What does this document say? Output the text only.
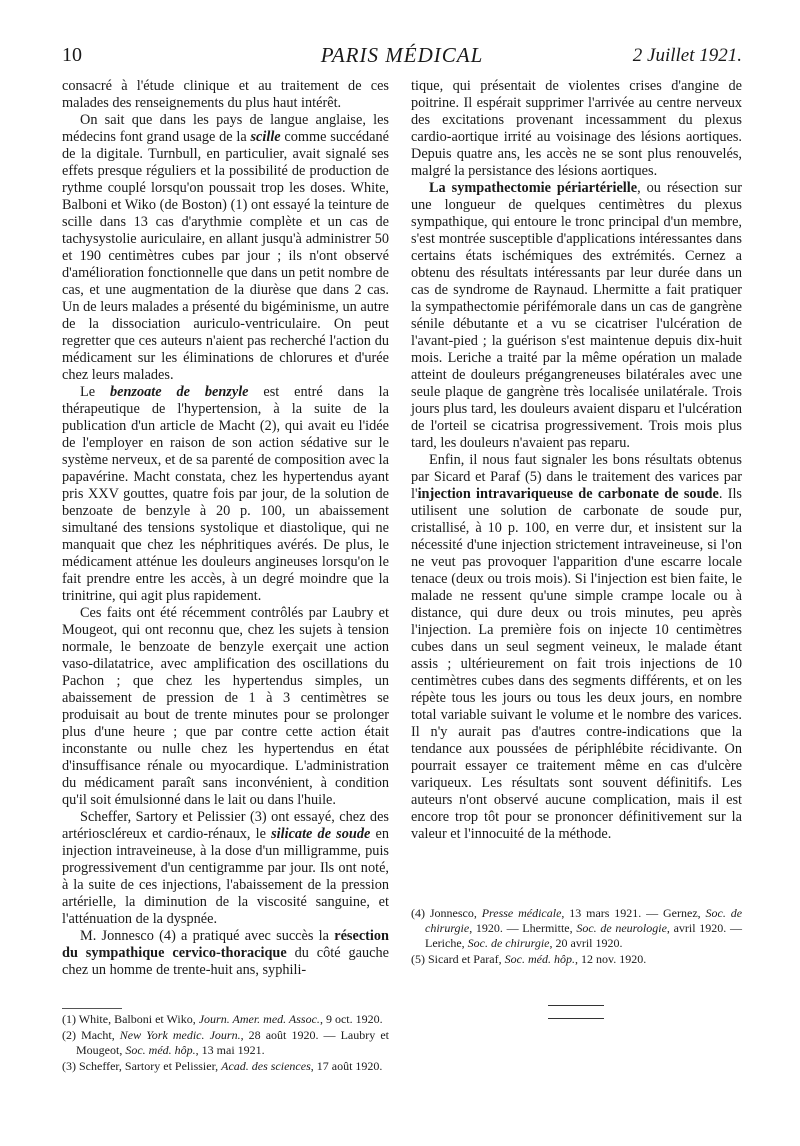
10	PARIS MÉDICAL	2 Juillet 1921.

consacré à l'étude clinique et au traitement de ces malades des renseignements du plus haut intérêt.

On sait que dans les pays de langue anglaise, les médecins font grand usage de la scille comme succédané de la digitale. Turnbull, en particulier, avait signalé ses effets presque réguliers et la possibilité de production de rythme couplé lorsqu'on poussait trop les doses. White, Balboni et Wiko (de Boston) (1) ont essayé la teinture de scille dans 13 cas d'arythmie complète et un cas de tachysystolie auriculaire, en allant jusqu'à administrer 50 et 190 centimètres cubes par jour ; ils n'ont observé d'amélioration fonctionnelle que dans un petit nombre de cas, et une augmentation de la diurèse que dans 2 cas. Un de leurs malades a présenté du bigéminisme, un autre de la dissociation auriculo-ventriculaire. On peut regretter que ces auteurs n'aient pas recherché l'action du médicament sur les éliminations de chlorures et d'urée chez leurs malades.

Le benzoate de benzyle est entré dans la thérapeutique de l'hypertension, à la suite de la publication d'un article de Macht (2), qui avait eu l'idée de l'employer en raison de son action sédative sur le système nerveux, et de sa parenté de composition avec la papavérine. Macht constata, chez les hypertendus ayant pris XXV gouttes, quatre fois par jour, de la solution de benzoate de benzyle à 20 p. 100, un abaissement simultané des tensions systolique et diastolique, qui ne manquait que chez les néphritiques avérés. De plus, le médicament atténue les douleurs angineuses lorsqu'on le fait prendre entre les accès, à un degré moindre que la trinitrine, qui agit plus rapidement.

Ces faits ont été récemment contrôlés par Laubry et Mougeot, qui ont reconnu que, chez les sujets à tension normale, le benzoate de benzyle exerçait une action vaso-dilatatrice, avec amplification des oscillations du Pachon ; que chez les hypertendus simples, un abaissement de pression de 1 à 3 centimètres se produisait au bout de trente minutes pour se prolonger plus d'une heure ; que par contre cette action était inconstante ou nulle chez les hypertendus en état d'insuffisance rénale ou myocardique. L'administration du médicament paraît sans inconvénient, à condition qu'il soit émulsionné dans le lait ou dans l'huile.

Scheffer, Sartory et Pelissier (3) ont essayé, chez des artérioscléreux et cardio-rénaux, le silicate de soude en injection intraveineuse, à la dose d'un milligramme, puis progressivement d'un centigramme par jour. Ils ont noté, à la suite de ces injections, l'abaissement de la pression artérielle, la diminution de la viscosité sanguine, et l'atténuation de la dyspnée.

M. Jonnesco (4) a pratiqué avec succès la résection du sympathique cervico-thoracique du côté gauche chez un homme de trente-huit ans, syphili-

tique, qui présentait de violentes crises d'angine de poitrine. Il espérait supprimer l'arrivée au centre nerveux des excitations provenant incessamment du plexus cardio-aortique irrité au voisinage des lésions aortiques. Depuis quatre ans, les accès ne se sont plus renouvelés, malgré la persistance des lésions aortiques.

La sympathectomie périartérielle, ou résection sur une longueur de quelques centimètres du plexus sympathique, qui entoure le tronc principal d'un membre, s'est montrée susceptible d'applications intéressantes dans certains états ischémiques des extrémités. Cernez a obtenu des résultats intéressants par leur durée dans un cas de syndrome de Raynaud. Lhermitte a fait pratiquer la sympathectomie périfémorale dans un cas de gangrène sénile débutante et a vu se cicatriser l'ulcération de l'avant-pied ; la guérison s'est maintenue depuis dix-huit mois. Leriche a traité par la même opération un malade atteint de douleurs prégangreneuses bilatérales avec une seule plaque de gangrène très localisée unilatérale. Trois jours plus tard, les douleurs avaient disparu et l'ulcération de l'orteil se cicatrisa progressivement. Trois mois plus tard, les douleurs n'avaient pas reparu.

Enfin, il nous faut signaler les bons résultats obtenus par Sicard et Paraf (5) dans le traitement des varices par l'injection intravariqueuse de carbonate de soude. Ils utilisent une solution de carbonate de soude pur, cristallisé, à 10 p. 100, en verre dur, et insistent sur la nécessité d'une injection strictement intraveineuse, si l'on ne veut pas provoquer l'apparition d'une escarre locale tenace (deux ou trois mois). Si l'injection est bien faite, le malade ne ressent qu'une simple crampe locale ou à distance, qui dure deux ou trois minutes, peu après l'injection. La première fois on injecte 10 centimètres cubes dans un seul segment veineux, le malade étant assis ; ultérieurement on fait trois injections de 10 centimètres cubes dans des segments différents, et on les répète tous les jours ou tous les deux jours, en nombre total variable suivant le volume et le nombre des varices. Il n'y aurait pas d'autres contre-indications que la tendance aux poussées de périphlébite récidivante. On pourrait essayer ce traitement même en cas d'ulcère variqueux. Les résultats sont souvent définitifs. Les auteurs n'ont observé aucune complication, mais il est encore trop tôt pour se prononcer définitivement sur la valeur et l'innocuité de la méthode.

(1) White, Balboni et Wiko, Journ. Amer. med. Assoc., 9 oct. 1920.

(2) Macht, New York medic. Journ., 28 août 1920. — Laubry et Mougeot, Soc. méd. hôp., 13 mai 1921.

(3) Scheffer, Sartory et Pelissier, Acad. des sciences, 17 août 1920.

(4) Jonnesco, Presse médicale, 13 mars 1921. — Gernez, Soc. de chirurgie, 1920. — Lhermitte, Soc. de neurologie, avril 1920. — Leriche, Soc. de chirurgie, 20 avril 1920.

(5) Sicard et Paraf, Soc. méd. hôp., 12 nov. 1920.
